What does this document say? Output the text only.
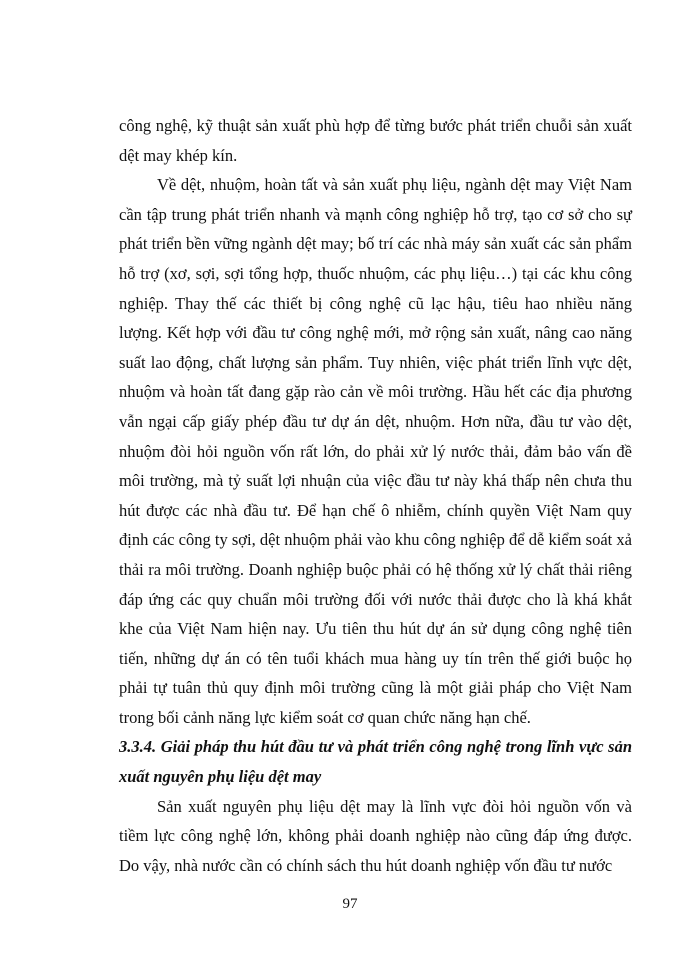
công nghệ, kỹ thuật sản xuất phù hợp để từng bước phát triển chuỗi sản xuất dệt may khép kín.

Về dệt, nhuộm, hoàn tất và sản xuất phụ liệu, ngành dệt may Việt Nam cần tập trung phát triển nhanh và mạnh công nghiệp hỗ trợ, tạo cơ sở cho sự phát triển bền vững ngành dệt may; bố trí các nhà máy sản xuất các sản phẩm hỗ trợ (xơ, sợi, sợi tổng hợp, thuốc nhuộm, các phụ liệu…) tại các khu công nghiệp. Thay thế các thiết bị công nghệ cũ lạc hậu, tiêu hao nhiều năng lượng. Kết hợp với đầu tư công nghệ mới, mở rộng sản xuất, nâng cao năng suất lao động, chất lượng sản phẩm. Tuy nhiên, việc phát triển lĩnh vực dệt, nhuộm và hoàn tất đang gặp rào cản về môi trường. Hầu hết các địa phương vẫn ngại cấp giấy phép đầu tư dự án dệt, nhuộm. Hơn nữa, đầu tư vào dệt, nhuộm đòi hỏi nguồn vốn rất lớn, do phải xử lý nước thải, đảm bảo vấn đề môi trường, mà tỷ suất lợi nhuận của việc đầu tư này khá thấp nên chưa thu hút được các nhà đầu tư. Để hạn chế ô nhiễm, chính quyền Việt Nam quy định các công ty sợi, dệt nhuộm phải vào khu công nghiệp để dễ kiểm soát xả thải ra môi trường. Doanh nghiệp buộc phải có hệ thống xử lý chất thải riêng đáp ứng các quy chuẩn môi trường đối với nước thải được cho là khá khắt khe của Việt Nam hiện nay. Ưu tiên thu hút dự án sử dụng công nghệ tiên tiến, những dự án có tên tuổi khách mua hàng uy tín trên thế giới buộc họ phải tự tuân thủ quy định môi trường cũng là một giải pháp cho Việt Nam trong bối cảnh năng lực kiểm soát cơ quan chức năng hạn chế.

3.3.4. Giải pháp thu hút đầu tư và phát triển công nghệ trong lĩnh vực sản xuất nguyên phụ liệu dệt may

Sản xuất nguyên phụ liệu dệt may là lĩnh vực đòi hỏi nguồn vốn và tiềm lực công nghệ lớn, không phải doanh nghiệp nào cũng đáp ứng được. Do vậy, nhà nước cần có chính sách thu hút doanh nghiệp vốn đầu tư nước

97
